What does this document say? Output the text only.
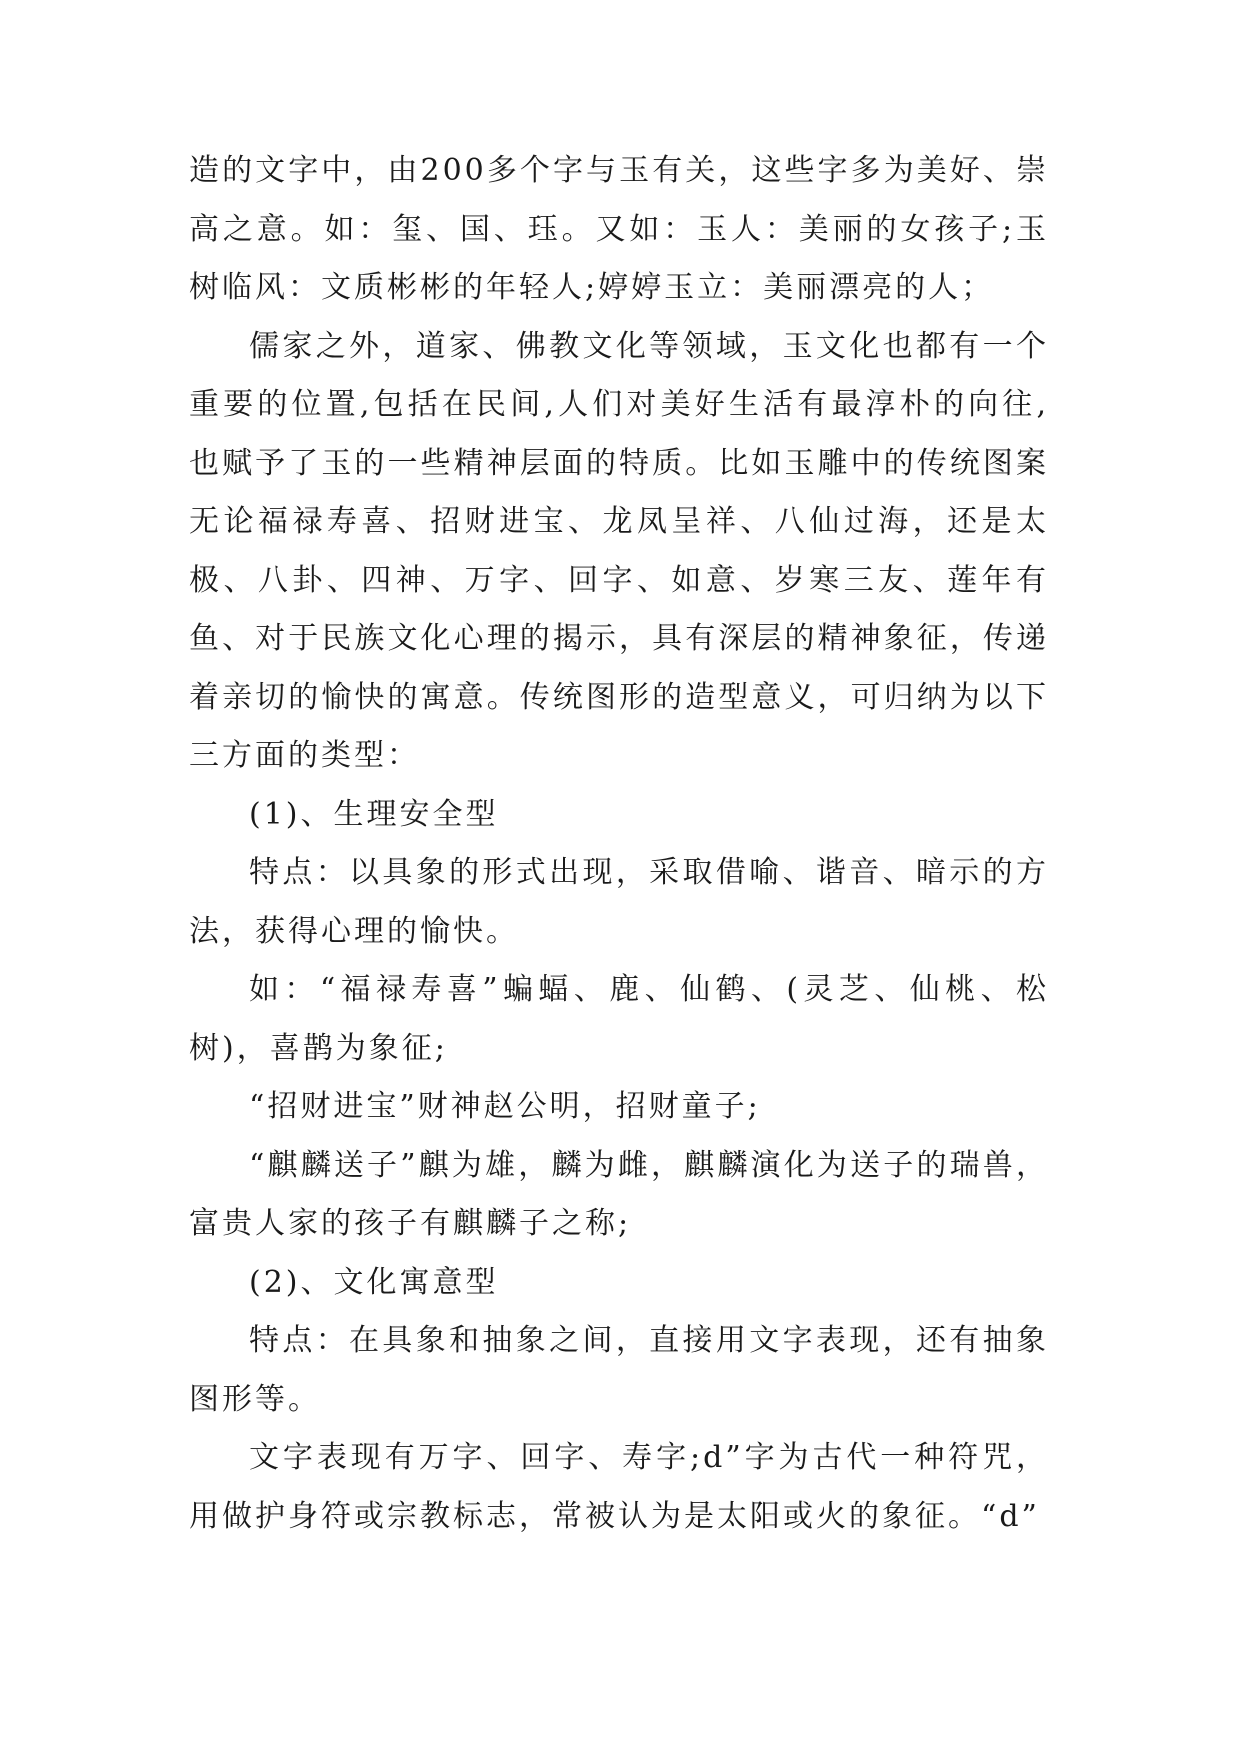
造的文字中，由200多个字与玉有关，这些字多为美好、崇高之意。如：玺、国、珏。又如：玉人：美丽的女孩子;玉树临风：文质彬彬的年轻人;婷婷玉立：美丽漂亮的人；

儒家之外，道家、佛教文化等领域，玉文化也都有一个重要的位置,包括在民间,人们对美好生活有最淳朴的向往,也赋予了玉的一些精神层面的特质。比如玉雕中的传统图案无论福禄寿喜、招财进宝、龙凤呈祥、八仙过海，还是太极、八卦、四神、万字、回字、如意、岁寒三友、莲年有鱼、对于民族文化心理的揭示，具有深层的精神象征，传递着亲切的愉快的寓意。传统图形的造型意义，可归纳为以下三方面的类型：

(1)、生理安全型

特点：以具象的形式出现，采取借喻、谐音、暗示的方法，获得心理的愉快。

如：“福禄寿喜”蝙蝠、鹿、仙鹤、(灵芝、仙桃、松树)，喜鹊为象征;

“招财进宝”财神赵公明，招财童子;

“麒麟送子”麒为雄，麟为雌，麒麟演化为送子的瑞兽，富贵人家的孩子有麒麟子之称;

(2)、文化寓意型

特点：在具象和抽象之间，直接用文字表现，还有抽象图形等。

文字表现有万字、回字、寿字;d”字为古代一种符咒，用做护身符或宗教标志，常被认为是太阳或火的象征。“d”
